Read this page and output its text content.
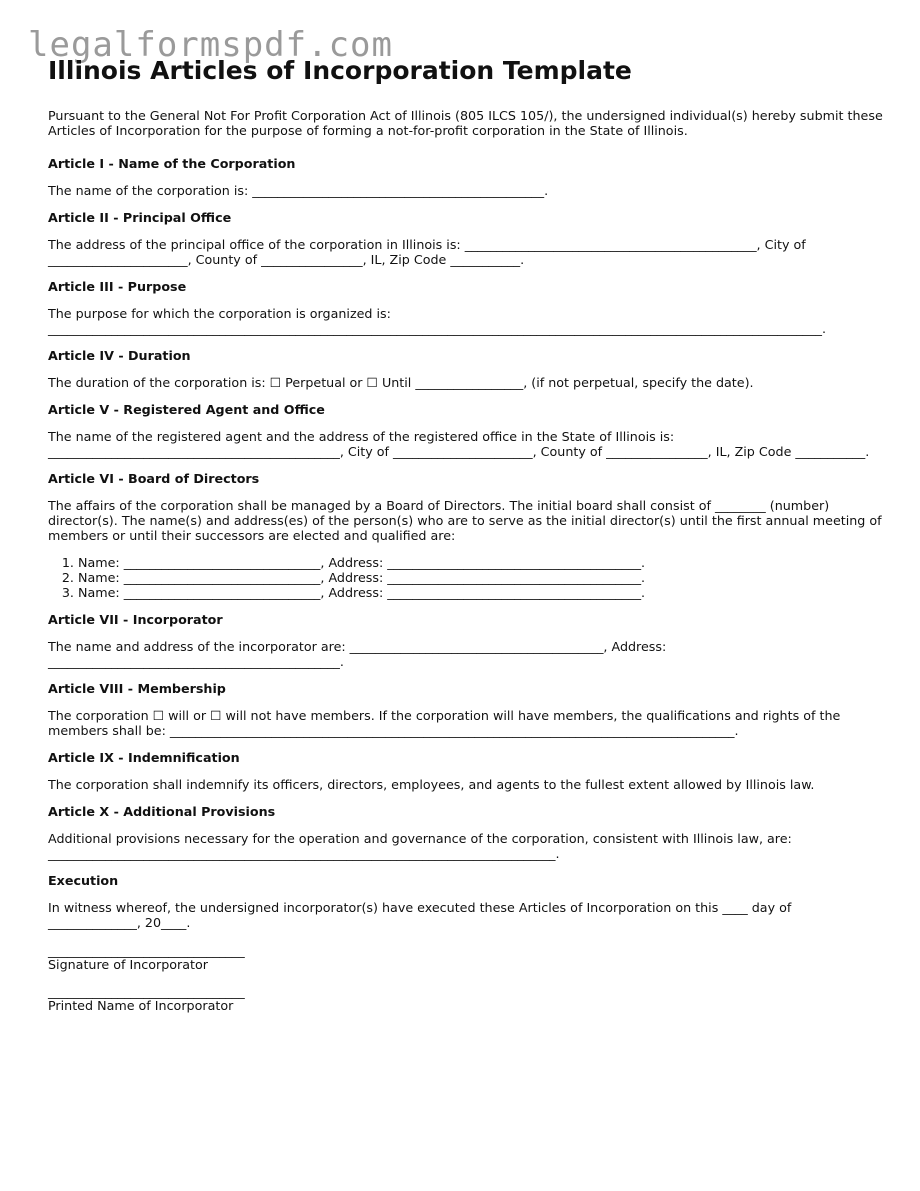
legalformspdf.com
Illinois Articles of Incorporation Template

Pursuant to the General Not For Profit Corporation Act of Illinois (805 ILCS 105/), the undersigned individual(s) hereby submit these Articles of Incorporation for the purpose of forming a not-for-profit corporation in the State of Illinois.

Article I - Name of the Corporation

The name of the corporation is: ______________________________________________.

Article II - Principal Office

The address of the principal office of the corporation in Illinois is: ______________________________________________, City of ______________________, County of ________________, IL, Zip Code ___________.

Article III - Purpose

The purpose for which the corporation is organized is:

__________________________________________________________________________________________________________________________.

Article IV - Duration

The duration of the corporation is: ☐ Perpetual or ☐ Until _________________, (if not perpetual, specify the date).

Article V - Registered Agent and Office

The name of the registered agent and the address of the registered office in the State of Illinois is: ______________________________________________, City of ______________________, County of ________________, IL, Zip Code ___________.

Article VI - Board of Directors

The affairs of the corporation shall be managed by a Board of Directors. The initial board shall consist of ________ (number) director(s). The name(s) and address(es) of the person(s) who are to serve as the initial director(s) until the first annual meeting of members or until their successors are elected and qualified are:

1. Name: _______________________________, Address: ________________________________________.
2. Name: _______________________________, Address: ________________________________________.
3. Name: _______________________________, Address: ________________________________________.
Article VII - Incorporator

The name and address of the incorporator are: ________________________________________, Address: ______________________________________________.

Article VIII - Membership

The corporation ☐ will or ☐ will not have members. If the corporation will have members, the qualifications and rights of the members shall be: _________________________________________________________________________________________.

Article IX - Indemnification

The corporation shall indemnify its officers, directors, employees, and agents to the fullest extent allowed by Illinois law.

Article X - Additional Provisions

Additional provisions necessary for the operation and governance of the corporation, consistent with Illinois law, are: ________________________________________________________________________________.

Execution

In witness whereof, the undersigned incorporator(s) have executed these Articles of Incorporation on this ____ day of ______________, 20____.

_______________________________

Signature of Incorporator

_______________________________

Printed Name of Incorporator
